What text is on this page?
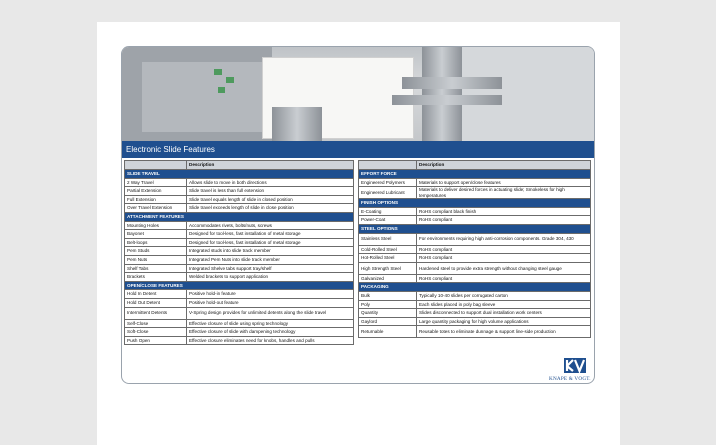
Electronic Slide Features
	Description
SLIDE TRAVEL	
2 Way Travel	Allows slide to move in both directions
Partial Extension	Slide travel is less than full extension
Full Extension	Slide travel equals length of slide in closed position
Over Travel Extension	Slide travel exceeds length of slide in close position
ATTACHMENT FEATURES	
Mounting Holes	Accommodates rivets, bolts/nuts, screws
Bayonet	Designed for tool-less, fast installation of metal storage
Belt-loops	Designed for tool-less, fast installation of metal storage
Pem Studs	Integrated studs into slide track member
Pem Nuts	Integrated Pem Nuts into slide track member
Shelf Tabs	Integrated Shelve tabs support tray/shelf
Brackets	Welded brackets to support application
OPEN/CLOSE FEATURES	
Hold In Detent	Positive hold-in feature
Hold Out Detent	Positive hold-out feature
Intermittent Detents	V-Spring design provides for unlimited detents along the slide travel
Self-Close	Effective closure of slide using spring technology
Soft-Close	Effective closure of slide with dampening technology
Push Open	Effective closure eliminates need for knobs, handles and pulls
	Description
EFFORT FORCE	
Engineered Polymers	Materials to support open/close features
Engineered Lubricant	Materials to deliver desired forces in actuating slide; Smokeless for high temperatures
FINISH OPTIONS	
E-Coating	RoHS compliant black finish
Power-Coat	RoHS compliant
STEEL OPTIONS	
Stainless Steel	For environments requiring high anti-corrosion components. Grade 304, 430
Cold-Rolled Steel	RoHS compliant
Hot-Rolled Steel	RoHS compliant
High Strength Steel	Hardened steel to provide extra strength without changing steel gauge
Galvanized	RoHS compliant
PACKAGING	
Bulk	Typically 10-40 slides per corrugated carton
Poly	Each slides placed in poly bag sleeve
Quantity	Slides disconnected to support dual installation work centers
Gaylord	Large quantity packaging for high volume applications
Returnable	Reusable totes to eliminate dunnage & support line-side production
KNAPE & VOGT.
